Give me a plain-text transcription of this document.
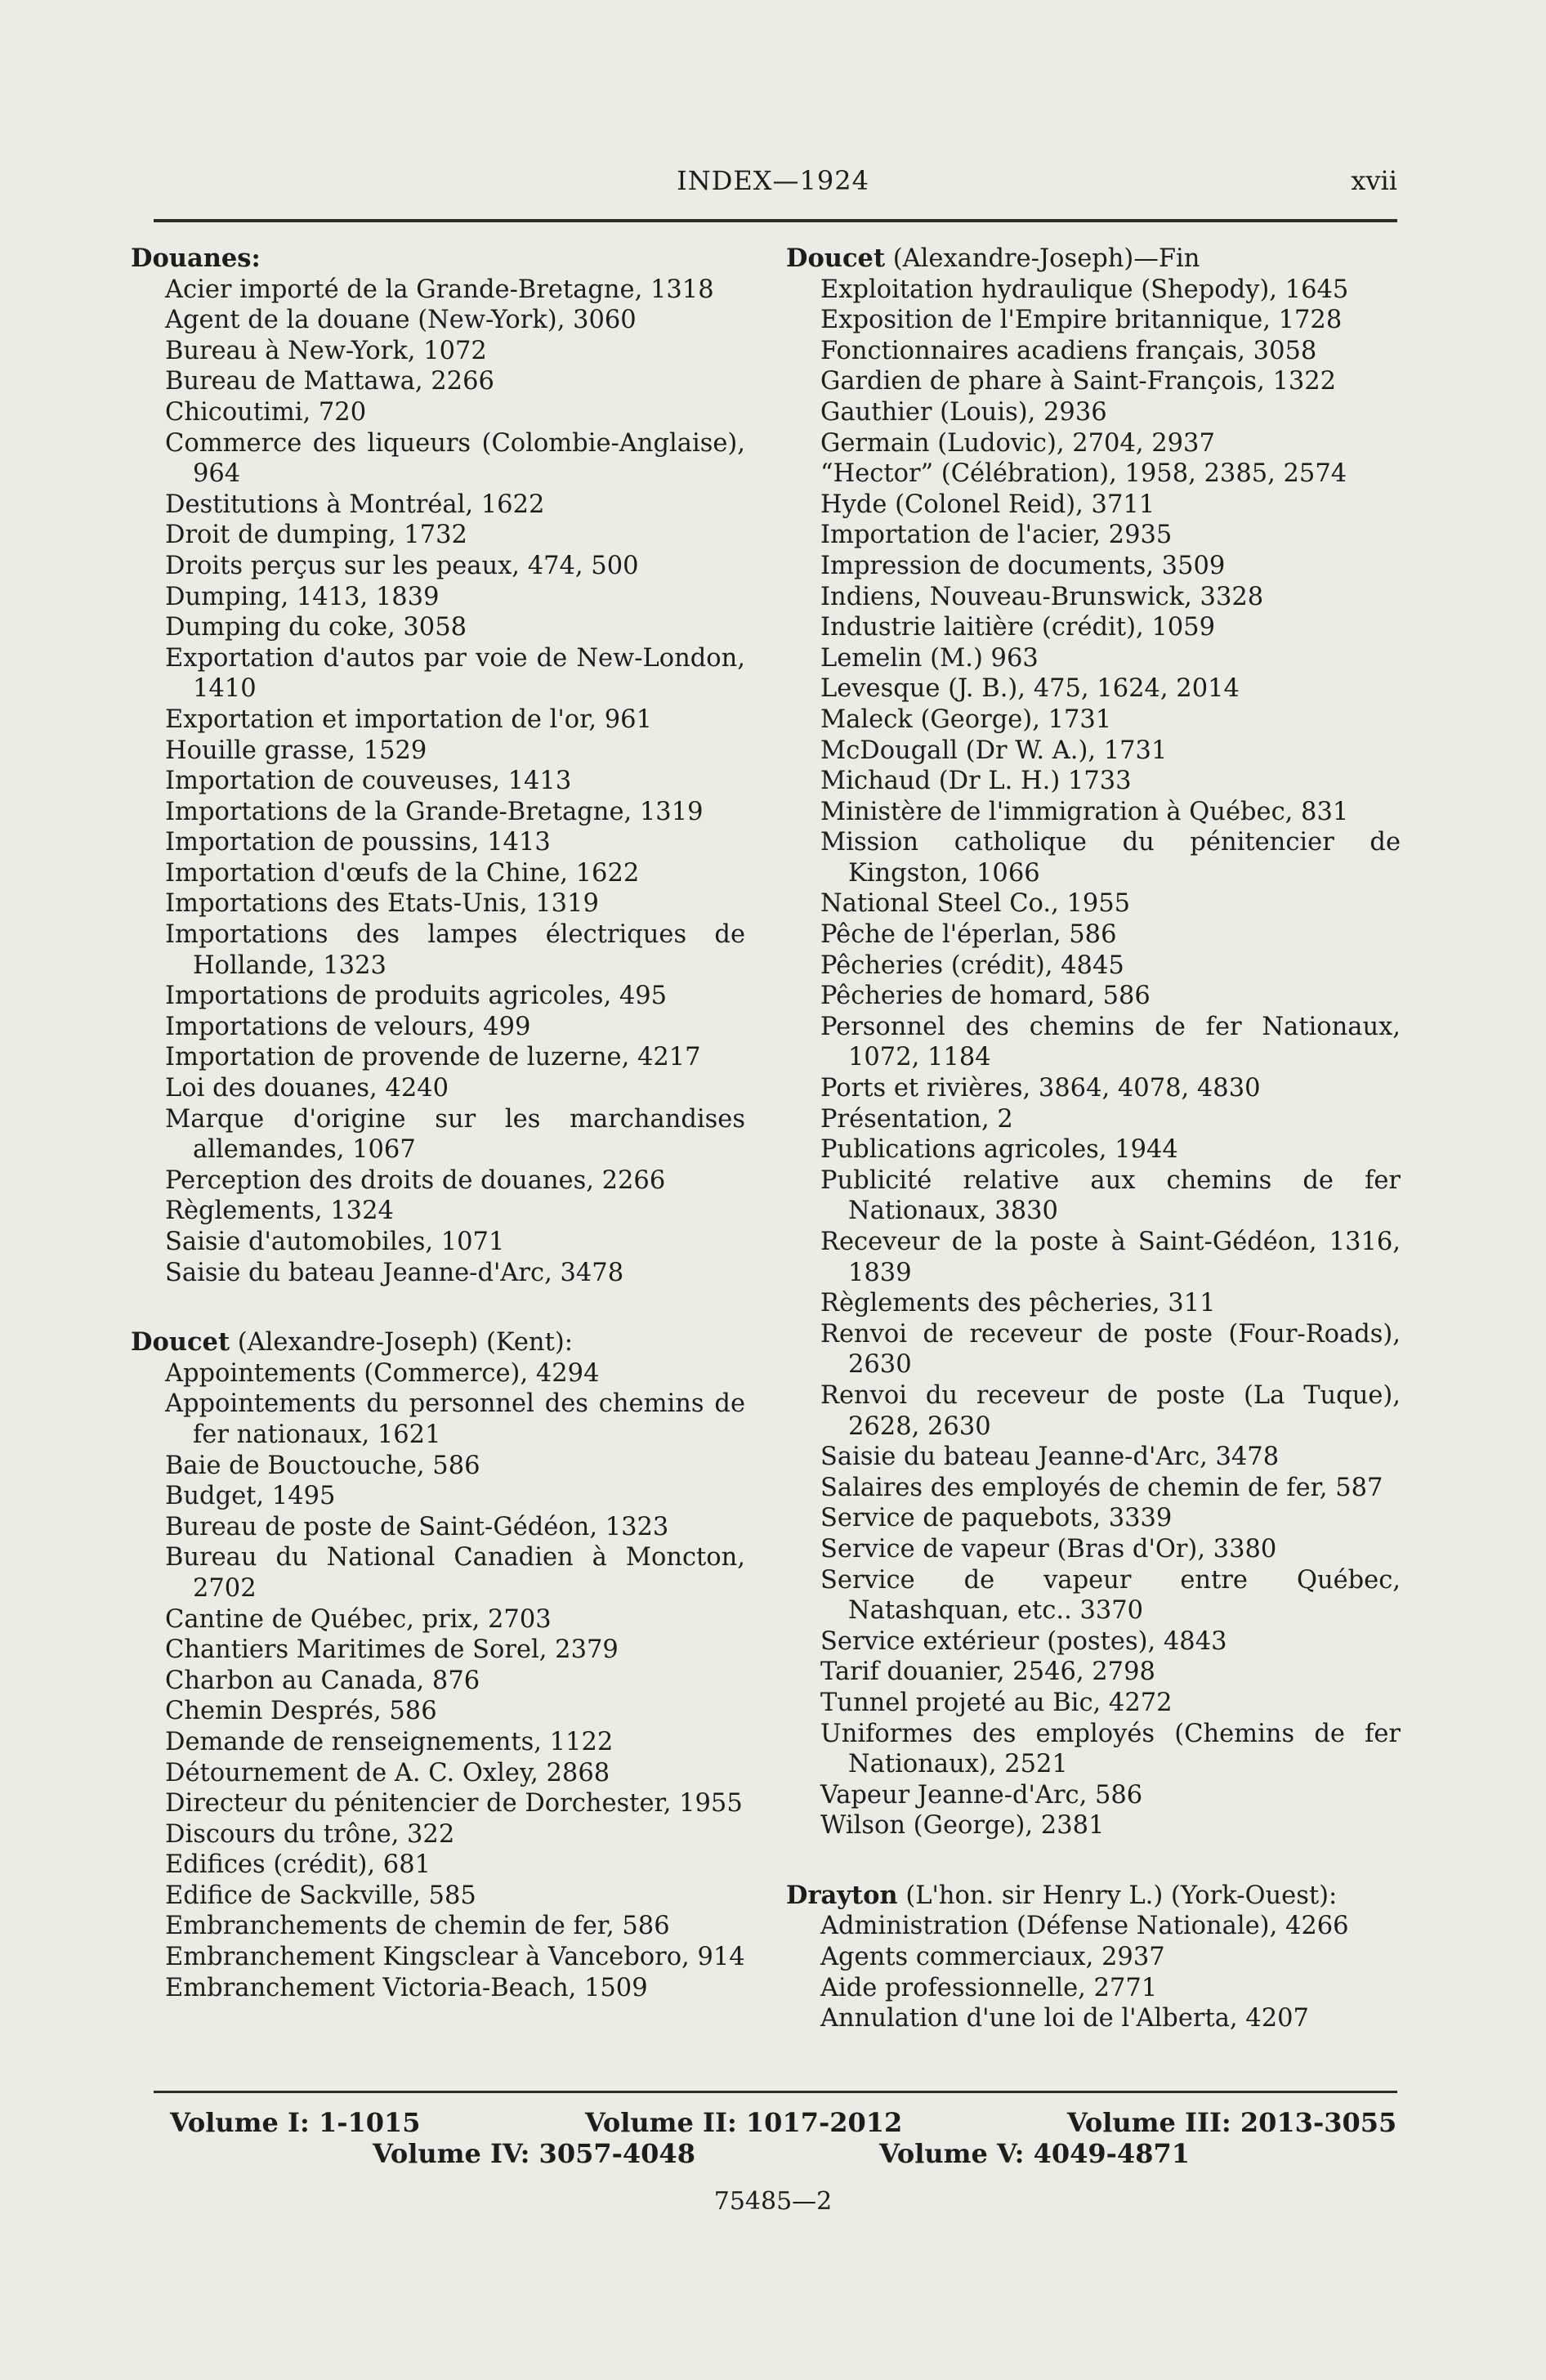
INDEX—1924	xvii
Douanes:
Acier importé de la Grande-Bretagne, 1318
Agent de la douane (New-York), 3060
Bureau à New-York, 1072
Bureau de Mattawa, 2266
Chicoutimi, 720
Commerce des liqueurs (Colombie-Anglaise), 964
Destitutions à Montréal, 1622
Droit de dumping, 1732
Droits perçus sur les peaux, 474, 500
Dumping, 1413, 1839
Dumping du coke, 3058
Exportation d'autos par voie de New-London, 1410
Exportation et importation de l'or, 961
Houille grasse, 1529
Importation de couveuses, 1413
Importations de la Grande-Bretagne, 1319
Importation de poussins, 1413
Importation d'œufs de la Chine, 1622
Importations des Etats-Unis, 1319
Importations des lampes électriques de Hollande, 1323
Importations de produits agricoles, 495
Importations de velours, 499
Importation de provende de luzerne, 4217
Loi des douanes, 4240
Marque d'origine sur les marchandises allemandes, 1067
Perception des droits de douanes, 2266
Règlements, 1324
Saisie d'automobiles, 1071
Saisie du bateau Jeanne-d'Arc, 3478
Doucet (Alexandre-Joseph) (Kent):
Appointements (Commerce), 4294
Appointements du personnel des chemins de fer nationaux, 1621
Baie de Bouctouche, 586
Budget, 1495
Bureau de poste de Saint-Gédéon, 1323
Bureau du National Canadien à Moncton, 2702
Cantine de Québec, prix, 2703
Chantiers Maritimes de Sorel, 2379
Charbon au Canada, 876
Chemin Després, 586
Demande de renseignements, 1122
Détournement de A. C. Oxley, 2868
Directeur du pénitencier de Dorchester, 1955
Discours du trône, 322
Edifices (crédit), 681
Edifice de Sackville, 585
Embranchements de chemin de fer, 586
Embranchement Kingsclear à Vanceboro, 914
Embranchement Victoria-Beach, 1509
Doucet (Alexandre-Joseph)—Fin
Exploitation hydraulique (Shepody), 1645
Exposition de l'Empire britannique, 1728
Fonctionnaires acadiens français, 3058
Gardien de phare à Saint-François, 1322
Gauthier (Louis), 2936
Germain (Ludovic), 2704, 2937
“Hector” (Célébration), 1958, 2385, 2574
Hyde (Colonel Reid), 3711
Importation de l'acier, 2935
Impression de documents, 3509
Indiens, Nouveau-Brunswick, 3328
Industrie laitière (crédit), 1059
Lemelin (M.) 963
Levesque (J. B.), 475, 1624, 2014
Maleck (George), 1731
McDougall (Dr W. A.), 1731
Michaud (Dr L. H.) 1733
Ministère de l'immigration à Québec, 831
Mission catholique du pénitencier de Kingston, 1066
National Steel Co., 1955
Pêche de l'éperlan, 586
Pêcheries (crédit), 4845
Pêcheries de homard, 586
Personnel des chemins de fer Nationaux, 1072, 1184
Ports et rivières, 3864, 4078, 4830
Présentation, 2
Publications agricoles, 1944
Publicité relative aux chemins de fer Nationaux, 3830
Receveur de la poste à Saint-Gédéon, 1316, 1839
Règlements des pêcheries, 311
Renvoi de receveur de poste (Four-Roads), 2630
Renvoi du receveur de poste (La Tuque), 2628, 2630
Saisie du bateau Jeanne-d'Arc, 3478
Salaires des employés de chemin de fer, 587
Service de paquebots, 3339
Service de vapeur (Bras d'Or), 3380
Service de vapeur entre Québec, Natashquan, etc.. 3370
Service extérieur (postes), 4843
Tarif douanier, 2546, 2798
Tunnel projeté au Bic, 4272
Uniformes des employés (Chemins de fer Nationaux), 2521
Vapeur Jeanne-d'Arc, 586
Wilson (George), 2381
Drayton (L'hon. sir Henry L.) (York-Ouest):
Administration (Défense Nationale), 4266
Agents commerciaux, 2937
Aide professionnelle, 2771
Annulation d'une loi de l'Alberta, 4207
Volume I: 1-1015	Volume II: 1017-2012	Volume III: 2013-3055
Volume IV: 3057-4048	Volume V: 4049-4871
75485—2
